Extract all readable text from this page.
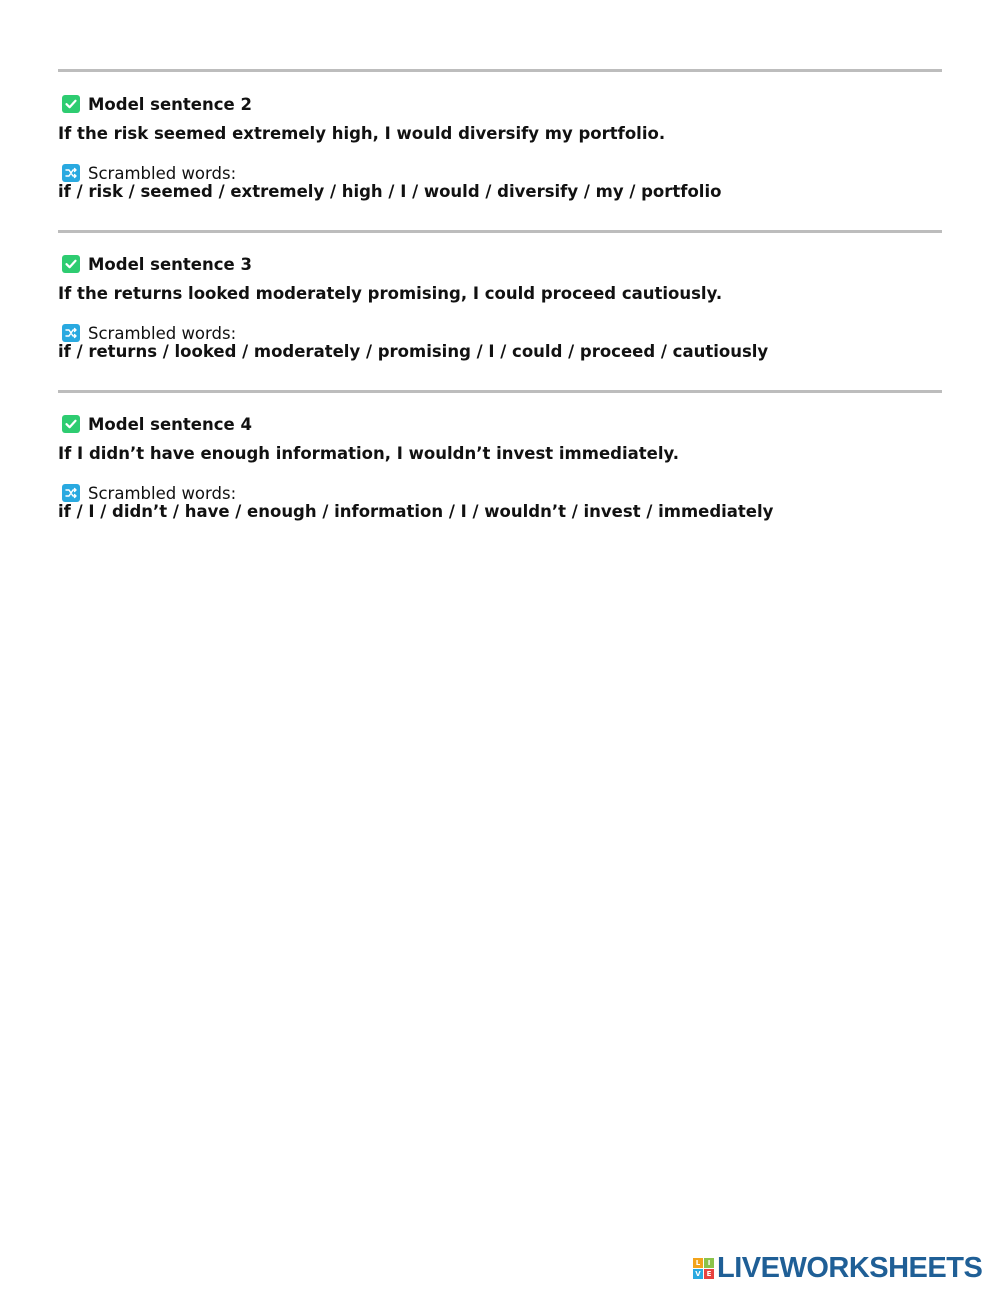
Model sentence 2
If the risk seemed extremely high, I would diversify my portfolio.
Scrambled words:
if / risk / seemed / extremely / high / I / would / diversify / my / portfolio
Model sentence 3
If the returns looked moderately promising, I could proceed cautiously.
Scrambled words:
if / returns / looked / moderately / promising / I / could / proceed / cautiously
Model sentence 4
If I didn’t have enough information, I wouldn’t invest immediately.
Scrambled words:
if / I / didn’t / have / enough / information / I / wouldn’t / invest / immediately
L	I
V E LIVEWORKSHEETS
